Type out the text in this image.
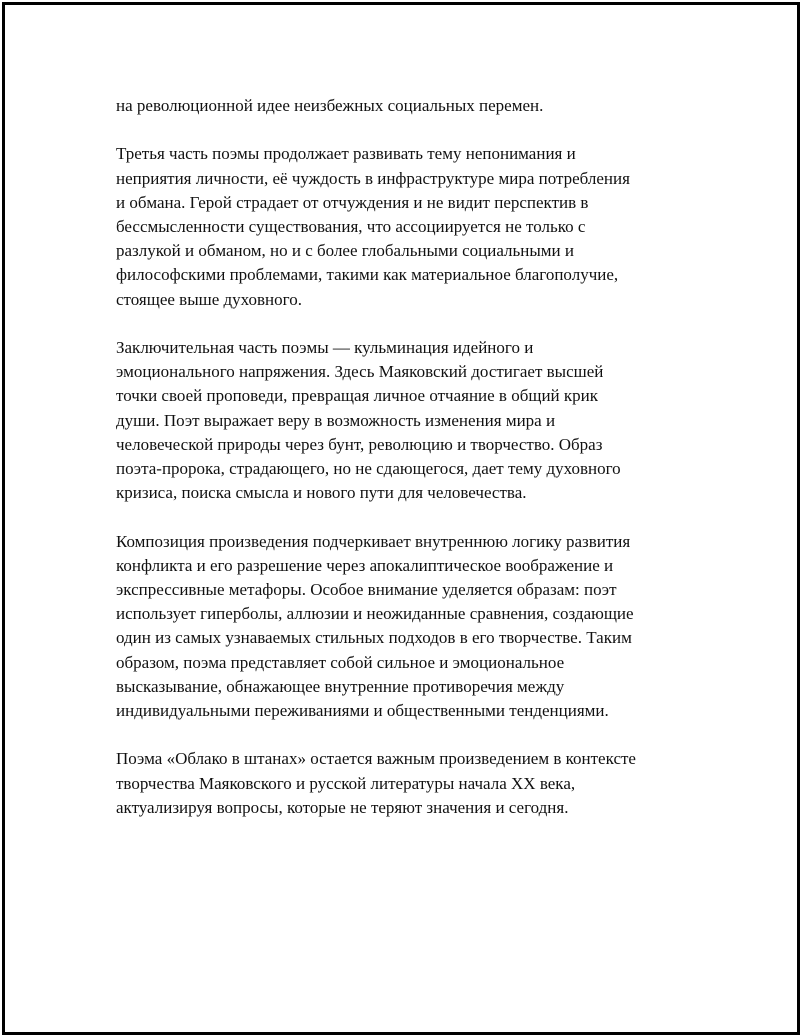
на революционной идее неизбежных социальных перемен.

Третья часть поэмы продолжает развивать тему непонимания и
неприятия личности, её чуждость в инфраструктуре мира потребления
и обмана. Герой страдает от отчуждения и не видит перспектив в
бессмысленности существования, что ассоциируется не только с
разлукой и обманом, но и с более глобальными социальными и
философскими проблемами, такими как материальное благополучие,
стоящее выше духовного.

Заключительная часть поэмы — кульминация идейного и
эмоционального напряжения. Здесь Маяковский достигает высшей
точки своей проповеди, превращая личное отчаяние в общий крик
души. Поэт выражает веру в возможность изменения мира и
человеческой природы через бунт, революцию и творчество. Образ
поэта-пророка, страдающего, но не сдающегося, дает тему духовного
кризиса, поиска смысла и нового пути для человечества.

Композиция произведения подчеркивает внутреннюю логику развития
конфликта и его разрешение через апокалиптическое воображение и
экспрессивные метафоры. Особое внимание уделяется образам: поэт
использует гиперболы, аллюзии и неожиданные сравнения, создающие
один из самых узнаваемых стильных подходов в его творчестве. Таким
образом, поэма представляет собой сильное и эмоциональное
высказывание, обнажающее внутренние противоречия между
индивидуальными переживаниями и общественными тенденциями.

Поэма «Облако в штанах» остается важным произведением в контексте
творчества Маяковского и русской литературы начала XX века,
актуализируя вопросы, которые не теряют значения и сегодня.
